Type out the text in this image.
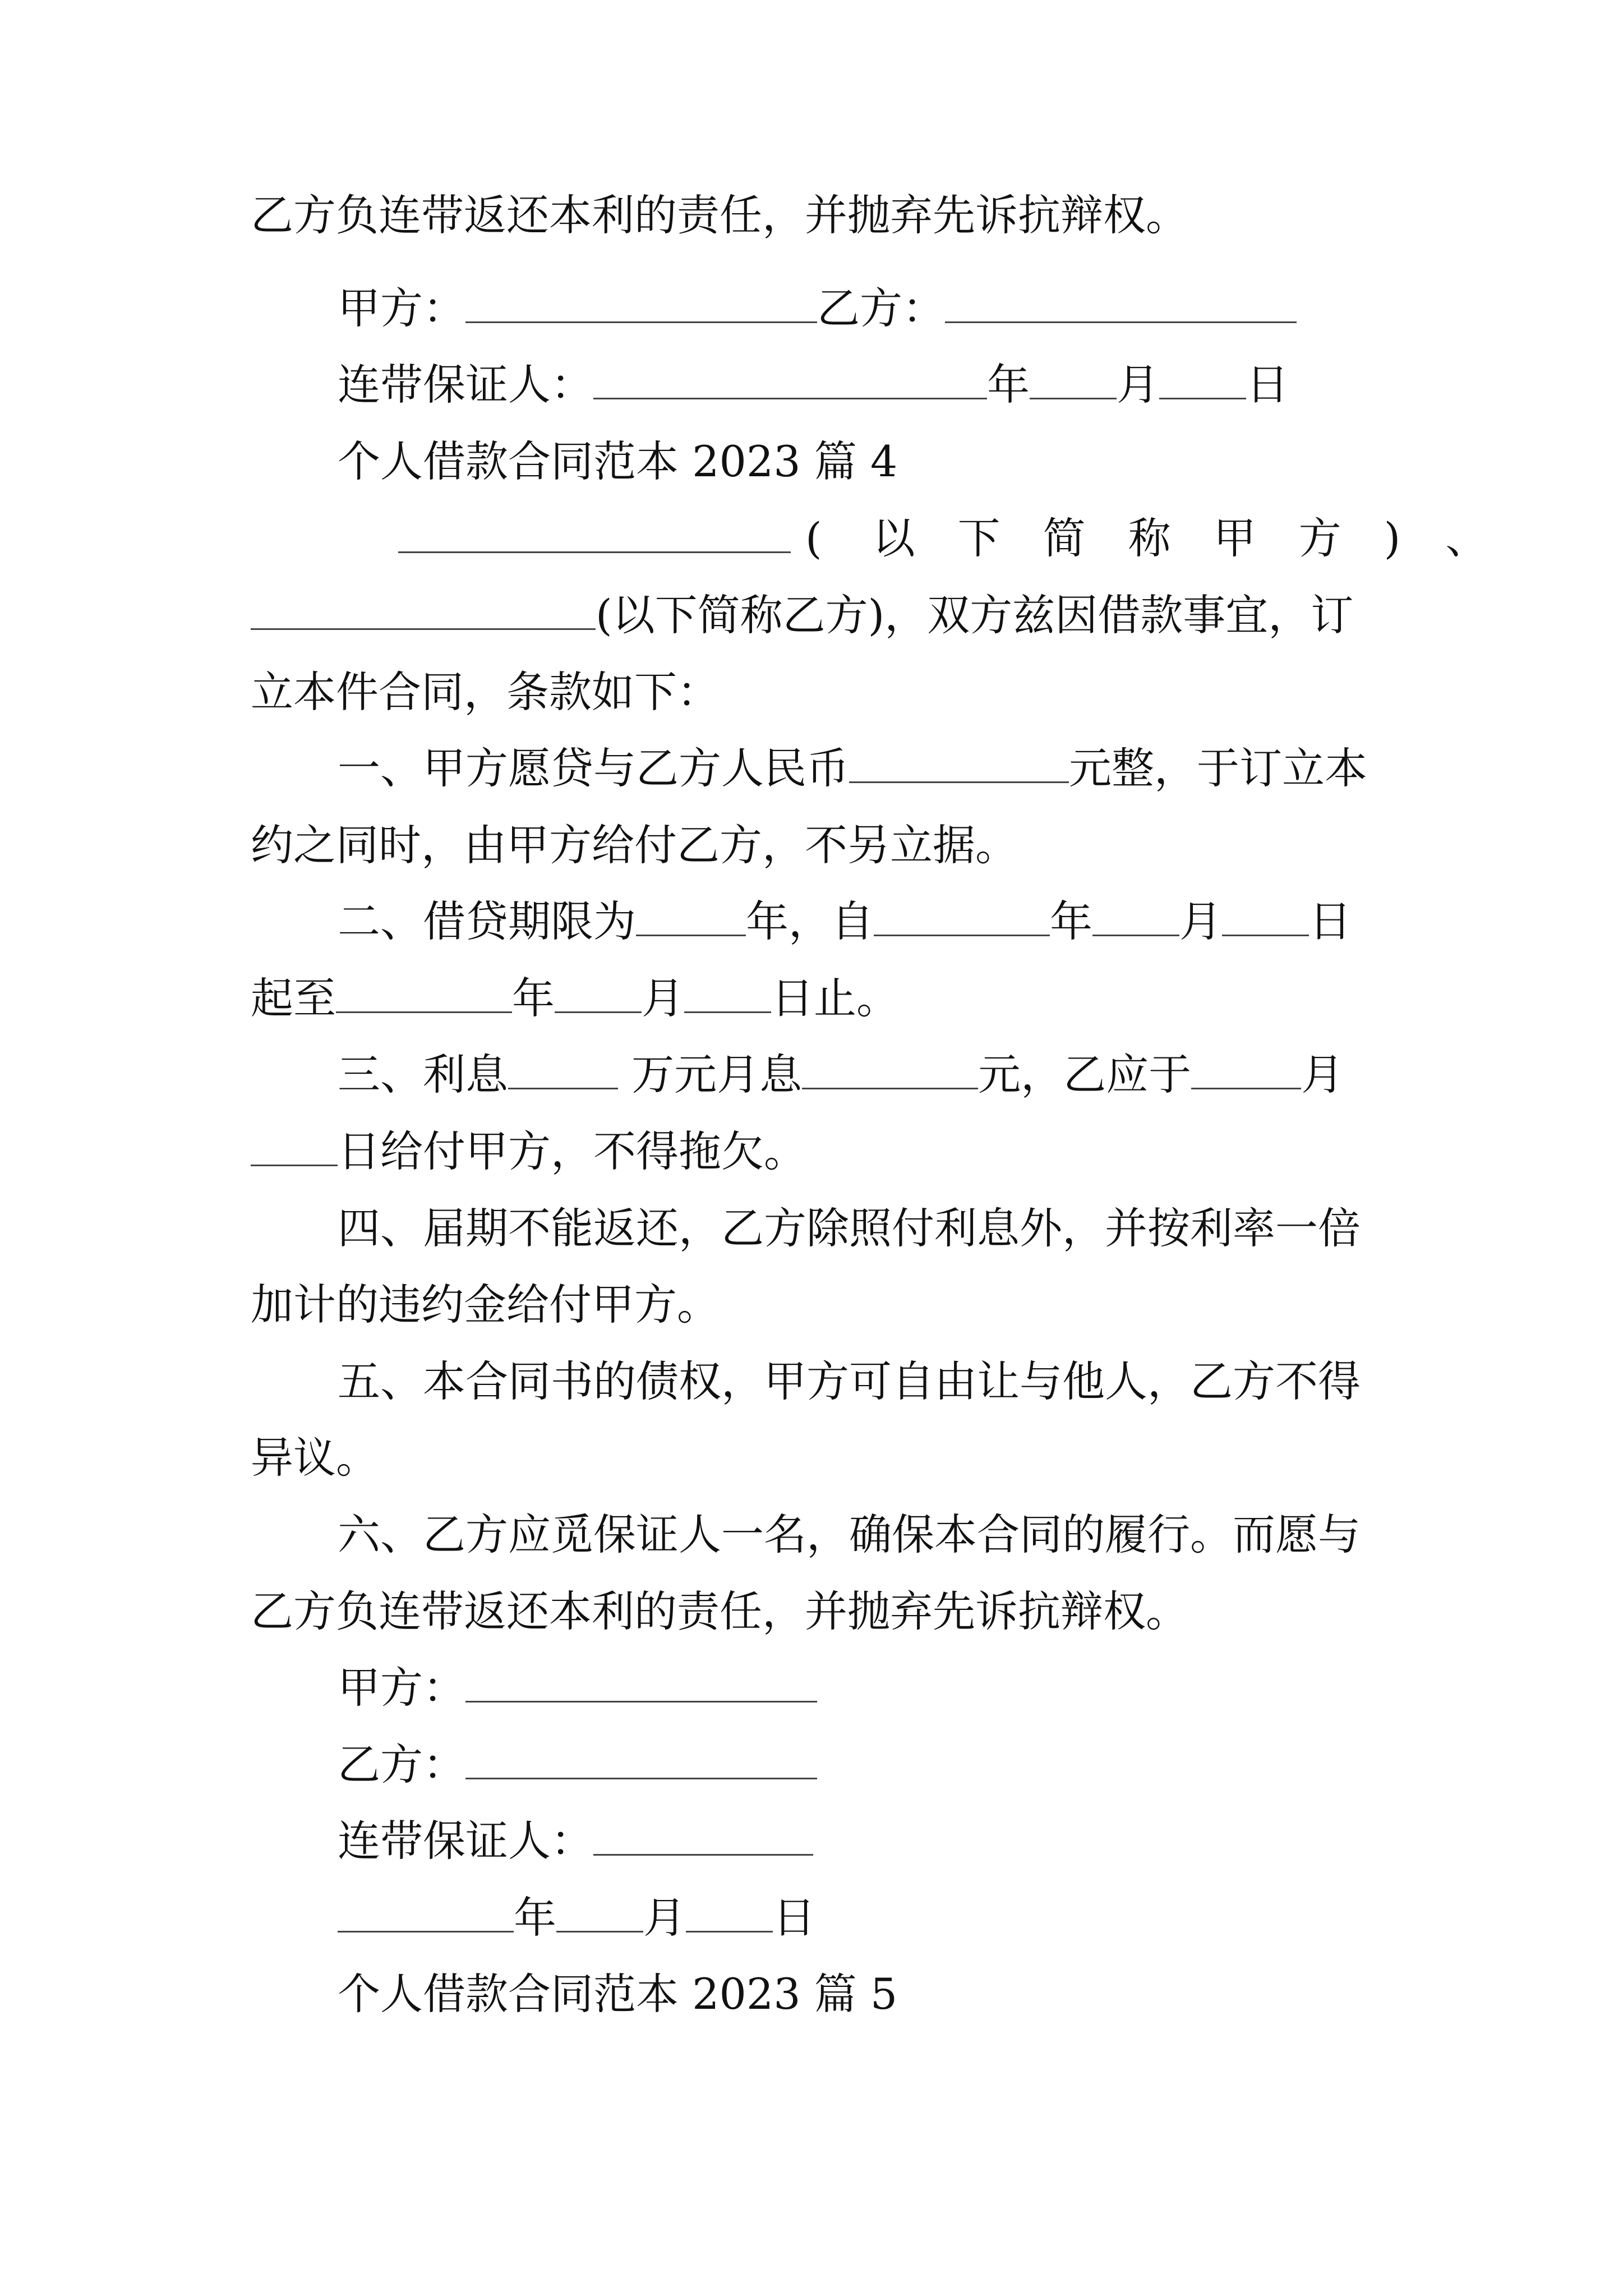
乙方负连带返还本利的责任，并抛弃先诉抗辩权。
甲方：	乙方：
连带保证人：	年 月 日
个人借款合同范本 2023 篇 4
( 以 下 简 称 甲 方 ) 、
(以下简称乙方)，双方兹因借款事宜，订
立本件合同，条款如下：
一、甲方愿贷与乙方人民币	元整，于订立本
约之同时，由甲方给付乙方，不另立据。
二、借贷期限为	年，自	年 月 日
起至	年 月 日止。
三、利息	万元月息	元，乙应于	月
日给付甲方，不得拖欠。
四、届期不能返还，乙方除照付利息外，并按利率一倍
加计的违约金给付甲方。
五、本合同书的债权，甲方可自由让与他人，乙方不得
异议。
六、乙方应觅保证人一名，确保本合同的履行。而愿与
乙方负连带返还本利的责任，并抛弃先诉抗辩权。
甲方：
乙方：
连带保证人：
年 月 日
个人借款合同范本 2023 篇 5
